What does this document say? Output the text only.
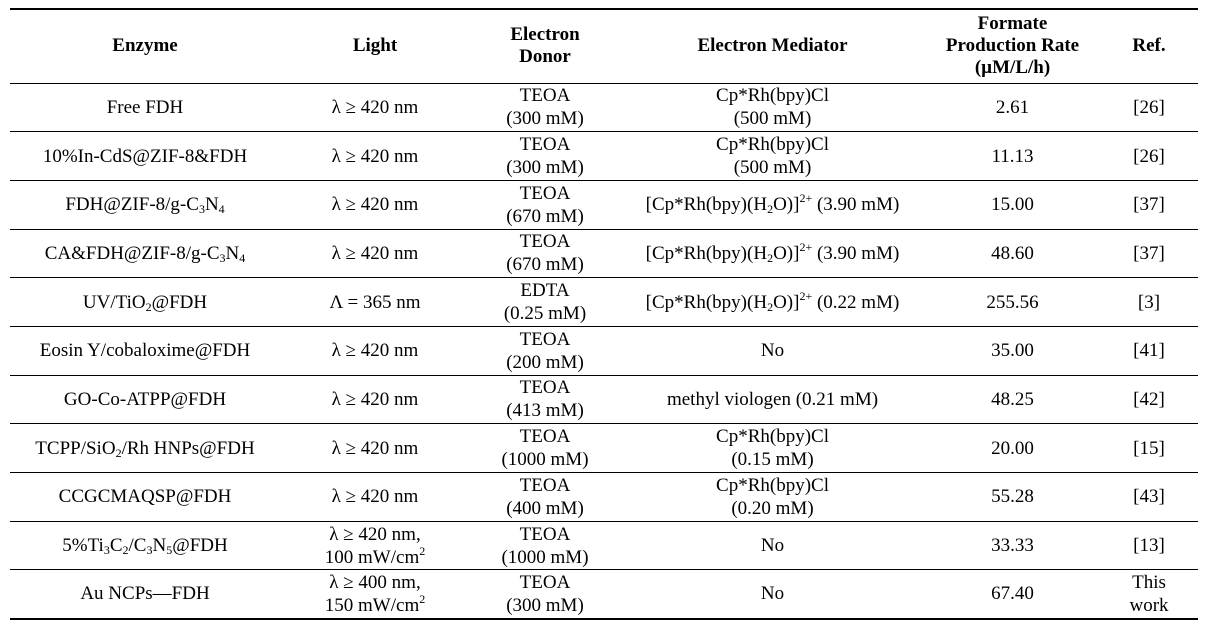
Enzyme	Light	Electron
Donor	Electron Mediator	Formate
Production Rate
(µM/L/h)	Ref.

Free FDH	λ ≥ 420 nm	TEOA
(300 mM)	Cp*Rh(bpy)Cl
(500 mM)	2.61	[26]

10%In-CdS@ZIF-8&FDH	λ ≥ 420 nm	TEOA
(300 mM)	Cp*Rh(bpy)Cl
(500 mM)	11.13	[26]

$FDH@ZIF-8/g-C_3N_4$	λ ≥ 420 nm	TEOA
(670 mM)	$[Cp*Rh(bpy)(H_2O)]^{2+}$ (3.90 mM)	15.00	[37]

$CA\&FDH@ZIF-8/g-C_3N_4$	λ ≥ 420 nm	TEOA
(670 mM)	$[Cp*Rh(bpy)(H_2O)]^{2+}$ (3.90 mM)	48.60	[37]

UV/TiO$_2$@FDH	Λ = 365 nm	EDTA
(0.25 mM)	$[Cp*Rh(bpy)(H_2O)]^{2+}$ (0.22 mM)	255.56	[3]

Eosin Y/cobaloxime@FDH	λ ≥ 420 nm	TEOA
(200 mM)	No	35.00	[41]

GO-Co-ATPP@FDH	λ ≥ 420 nm	TEOA
(413 mM)	methyl viologen (0.21 mM)	48.25	[42]

TCPP/SiO$_2$/Rh HNPs@FDH	λ ≥ 420 nm	TEOA
(1000 mM)	Cp*Rh(bpy)Cl
(0.15 mM)	20.00	[15]

CCGCMAQSP@FDH	λ ≥ 420 nm	TEOA
(400 mM)	Cp*Rh(bpy)Cl
(0.20 mM)	55.28	[43]

$5\%Ti_3C_2/C_3N_5@FDH$	λ ≥ 420 nm,
100 $mW/cm^2$	TEOA
(1000 mM)	No	33.33	[13]

Au NCPs—FDH	λ ≥ 400 nm,
150 $mW/cm^2$	TEOA
(300 mM)	No	67.40	This
work
